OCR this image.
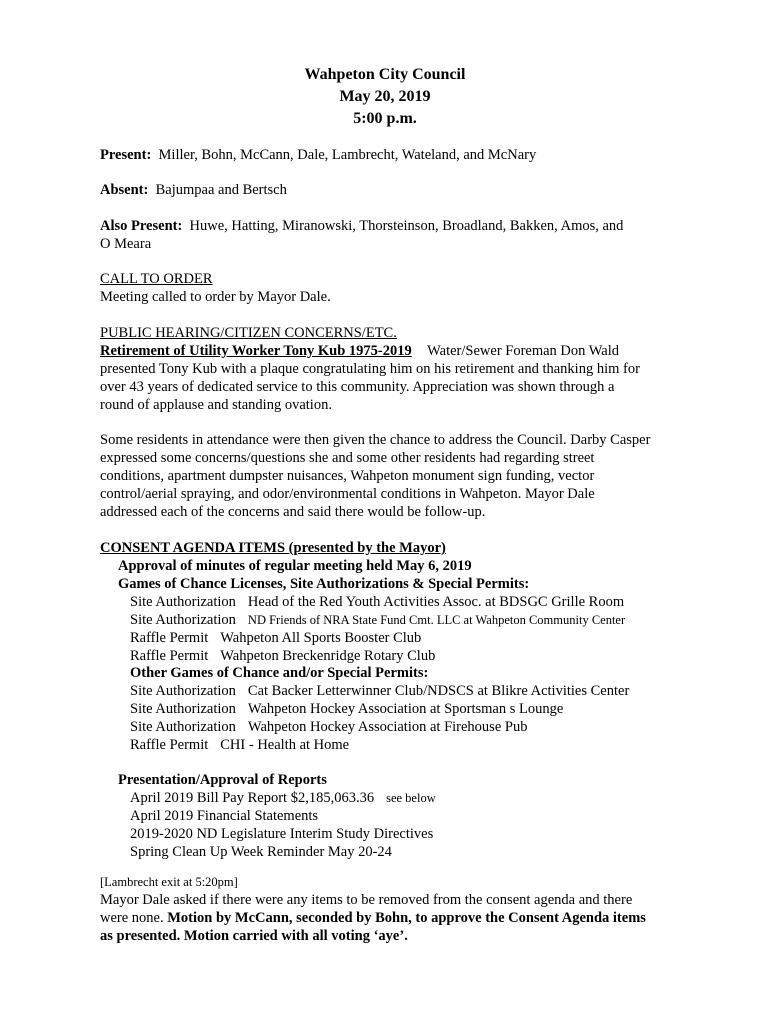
Wahpeton City Council
May 20, 2019
5:00 p.m.
Present: Miller, Bohn, McCann, Dale, Lambrecht, Wateland, and McNary
Absent: Bajumpaa and Bertsch
Also Present: Huwe, Hatting, Miranowski, Thorsteinson, Broadland, Bakken, Amos, and
O Meara
CALL TO ORDER
Meeting called to order by Mayor Dale.
PUBLIC HEARING/CITIZEN CONCERNS/ETC.
Retirement of Utility Worker Tony Kub 1975-2019 Water/Sewer Foreman Don Wald
presented Tony Kub with a plaque congratulating him on his retirement and thanking him for
over 43 years of dedicated service to this community. Appreciation was shown through a
round of applause and standing ovation.
Some residents in attendance were then given the chance to address the Council. Darby Casper
expressed some concerns/questions she and some other residents had regarding street
conditions, apartment dumpster nuisances, Wahpeton monument sign funding, vector
control/aerial spraying, and odor/environmental conditions in Wahpeton. Mayor Dale
addressed each of the concerns and said there would be follow-up.
CONSENT AGENDA ITEMS (presented by the Mayor)
Approval of minutes of regular meeting held May 6, 2019
Games of Chance Licenses, Site Authorizations & Special Permits:
Site Authorization Head of the Red Youth Activities Assoc. at BDSGC Grille Room
Site Authorization ND Friends of NRA State Fund Cmt. LLC at Wahpeton Community Center
Raffle Permit Wahpeton All Sports Booster Club
Raffle Permit Wahpeton Breckenridge Rotary Club
Other Games of Chance and/or Special Permits:
Site Authorization Cat Backer Letterwinner Club/NDSCS at Blikre Activities Center
Site Authorization Wahpeton Hockey Association at Sportsman s Lounge
Site Authorization Wahpeton Hockey Association at Firehouse Pub
Raffle Permit CHI - Health at Home
Presentation/Approval of Reports
April 2019 Bill Pay Report $2,185,063.36 see below
April 2019 Financial Statements
2019-2020 ND Legislature Interim Study Directives
Spring Clean Up Week Reminder May 20-24
[Lambrecht exit at 5:20pm]
Mayor Dale asked if there were any items to be removed from the consent agenda and there
were none. Motion by McCann, seconded by Bohn, to approve the Consent Agenda items
as presented. Motion carried with all voting ‘aye’.
